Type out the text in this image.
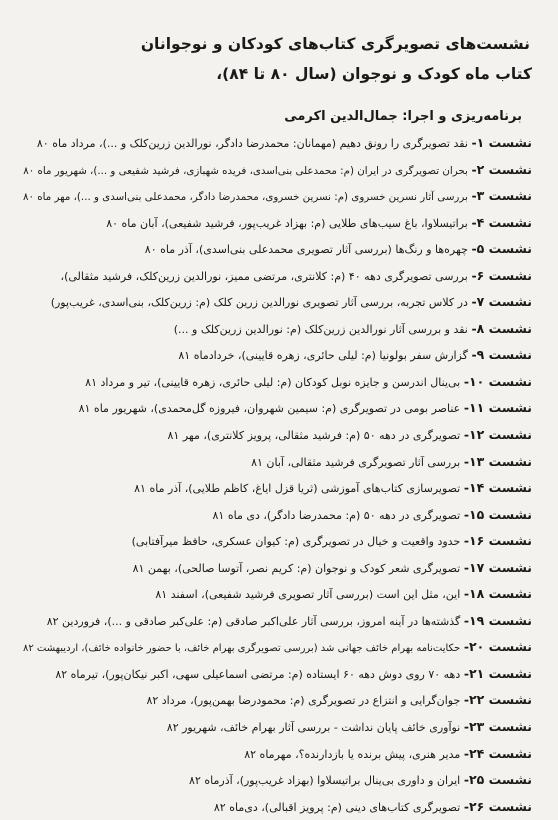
نشست‌های تصویرگری کتاب‌های کودکان و نوجوانان
کتاب ماه کودک و نوجوان (سال ۸۰ تا ۸۴)،
برنامه‌ریزی و اجرا: جمال‌الدین اکرمی
نشست ۱- نقد تصویرگری را رونق دهیم (مهمانان: محمدرضا دادگر، نورالدین زرین‌کلک و ...)، مرداد ماه ۸۰
نشست ۲- بحران تصویرگری در ایران (م: محمدعلی بنی‌اسدی، فریده شهبازی، فرشید شفیعی و ...)، شهریور ماه ۸۰
نشست ۳- بررسی آثار نسرین خسروی (م: نسرین خسروی، محمدرضا دادگر، محمدعلی بنی‌اسدی و ...)، مهر ماه ۸۰
نشست ۴- براتیسلاوا، باغ سیب‌های طلایی (م: بهزاد غریب‌پور، فرشید شفیعی)، آبان ماه ۸۰
نشست ۵- چهره‌ها و رنگ‌ها (بررسی آثار تصویری محمدعلی بنی‌اسدی)، آذر ماه ۸۰
نشست ۶- بررسی تصویرگری دهه ۴۰ (م: کلانتری، مرتضی ممیز، نورالدین زرین‌کلک، فرشید مثقالی)،
نشست ۷- در کلاس تجربه، بررسی آثار تصویری نورالدین زرین کلک (م: زرین‌کلک، بنی‌اسدی، غریب‌پور)
نشست ۸- نقد و بررسی آثار نورالدین زرین‌کلک (م: نورالدین زرین‌کلک و ...)
نشست ۹- گزارش سفر بولونیا (م: لیلی حائری، زهره قایینی)، خردادماه ۸۱
نشست ۱۰- بی‌ینال اندرسن و جایزه نوبل کودکان (م: لیلی حائری، زهره قایینی)، تیر و مرداد ۸۱
نشست ۱۱- عناصر بومی در تصویرگری (م: سیمین شهروان، فیروزه گل‌محمدی)، شهریور ماه ۸۱
نشست ۱۲- تصویرگری در دهه ۵۰ (م: فرشید مثقالی، پرویز کلانتری)، مهر ۸۱
نشست ۱۳- بررسی آثار تصویرگری فرشید مثقالی، آبان ۸۱
نشست ۱۴- تصویرسازی کتاب‌های آموزشی (ثریا قزل ایاغ، کاظم طلایی)، آذر ماه ۸۱
نشست ۱۵- تصویرگری در دهه ۵۰ (م: محمدرضا دادگر)، دی ماه ۸۱
نشست ۱۶- حدود واقعیت و خیال در تصویرگری (م: کیوان عسکری، حافظ میرآفتابی)
نشست ۱۷- تصویرگری شعر کودک و نوجوان (م: کریم نصر، آتوسا صالحی)، بهمن ۸۱
نشست ۱۸- این، مثل این است (بررسی آثار تصویری فرشید شفیعی)، اسفند ۸۱
نشست ۱۹- گذشته‌ها در آینه امروز، بررسی آثار علی‌اکبر صادقی (م: علی‌کبر صادقی و ...)، فروردین ۸۲
نشست ۲۰- حکایت‌نامه بهرام خائف جهانی شد (بررسی تصویرگری بهرام خائف، با حضور خانواده خائف)، اردیبهشت ۸۲
نشست ۲۱- دهه ۷۰ روی دوش دهه ۶۰ ایستاده (م: مرتضی اسماعیلی سهی، اکبر نیکان‌پور)، تیرماه ۸۲
نشست ۲۲- جوان‌گرایی و انتزاع در تصویرگری (م: محمودرضا بهمن‌پور)، مرداد ۸۲
نشست ۲۳- نوآوری خائف پایان نداشت - بررسی آثار بهرام خائف، شهریور ۸۲
نشست ۲۴- مدیر هنری، پیش برنده یا بازدارنده؟، مهرماه ۸۲
نشست ۲۵- ایران و داوری بی‌ینال براتیسلاوا (بهزاد غریب‌پور)، آذرماه ۸۲
نشست ۲۶- تصویرگری کتاب‌های دینی (م: پرویز اقبالی)، دی‌ماه ۸۲
